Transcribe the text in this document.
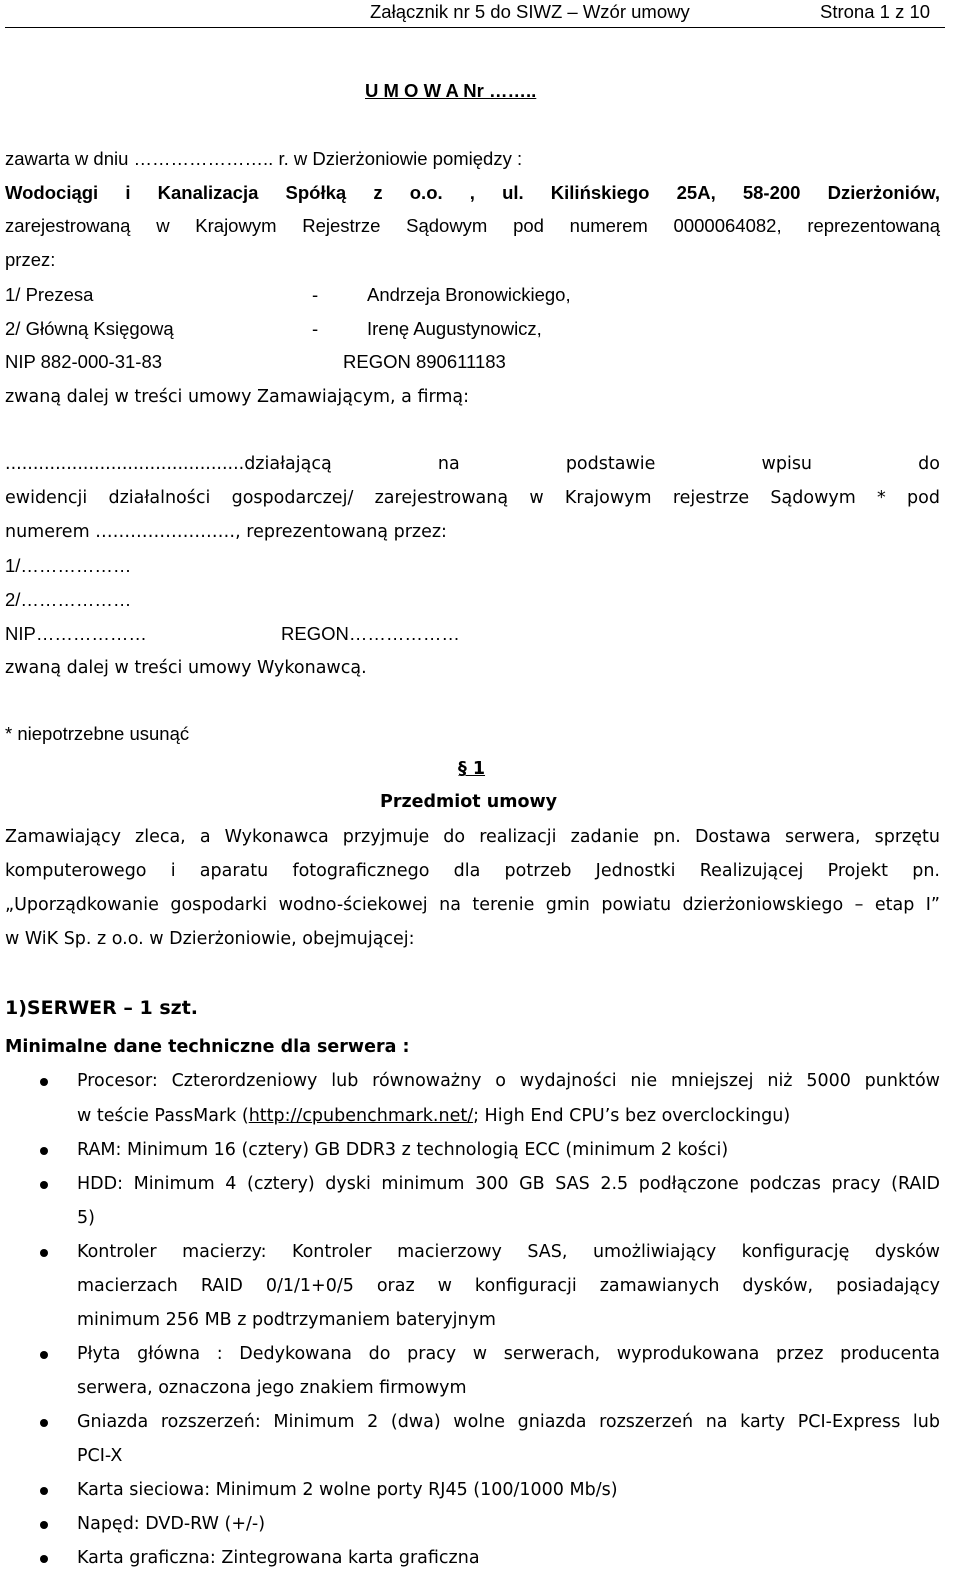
Załącznik nr 5 do SIWZ – Wzór umowy	Strona 1 z 10
U M O W A Nr ……..
zawarta w dniu ………………….. r. w Dzierżoniowie pomiędzy :
Wodociągi i Kanalizacja Spółką z o.o. , ul. Kilińskiego 25A, 58-200 Dzierżoniów,
zarejestrowaną w Krajowym Rejestrze Sądowym pod numerem 0000064082, reprezentowaną
przez:
1/ Prezesa	-	Andrzeja Bronowickiego,
2/ Główną Księgową	-	Irenę Augustynowicz,
NIP 882-000-31-83	REGON 890611183
zwaną dalej w treści umowy Zamawiającym, a firmą:
...........................................działającą na podstawie wpisu do
ewidencji działalności gospodarczej/ zarejestrowaną w Krajowym rejestrze Sądowym * pod
numerem ……………………, reprezentowaną przez:
1/………………
2/………………
NIP………………	REGON………………
zwaną dalej w treści umowy Wykonawcą.
* niepotrzebne usunąć
§ 1
Przedmiot umowy
Zamawiający zleca, a Wykonawca przyjmuje do realizacji zadanie pn. Dostawa serwera, sprzętu
komputerowego i aparatu fotograficznego dla potrzeb Jednostki Realizującej Projekt pn.
„Uporządkowanie gospodarki wodno-ściekowej na terenie gmin powiatu dzierżoniowskiego – etap I”
w WiK Sp. z o.o. w Dzierżoniowie, obejmującej:
1)SERWER – 1 szt.
Minimalne dane techniczne dla serwera :
Procesor: Czterordzeniowy lub równoważny o wydajności nie mniejszej niż 5000 punktów
w teście PassMark (http://cpubenchmark.net/; High End CPU’s bez overclockingu)
RAM: Minimum 16 (cztery) GB DDR3 z technologią ECC (minimum 2 kości)
HDD: Minimum 4 (cztery) dyski minimum 300 GB SAS 2.5 podłączone podczas pracy (RAID
5)
Kontroler macierzy: Kontroler macierzowy SAS, umożliwiający konfigurację dysków
macierzach RAID 0/1/1+0/5 oraz w konfiguracji zamawianych dysków, posiadający
minimum 256 MB z podtrzymaniem bateryjnym
Płyta główna : Dedykowana do pracy w serwerach, wyprodukowana przez producenta
serwera, oznaczona jego znakiem firmowym
Gniazda rozszerzeń: Minimum 2 (dwa) wolne gniazda rozszerzeń na karty PCI-Express lub
PCI-X
Karta sieciowa: Minimum 2 wolne porty RJ45 (100/1000 Mb/s)
Napęd: DVD-RW (+/-)
Karta graficzna: Zintegrowana karta graficzna
